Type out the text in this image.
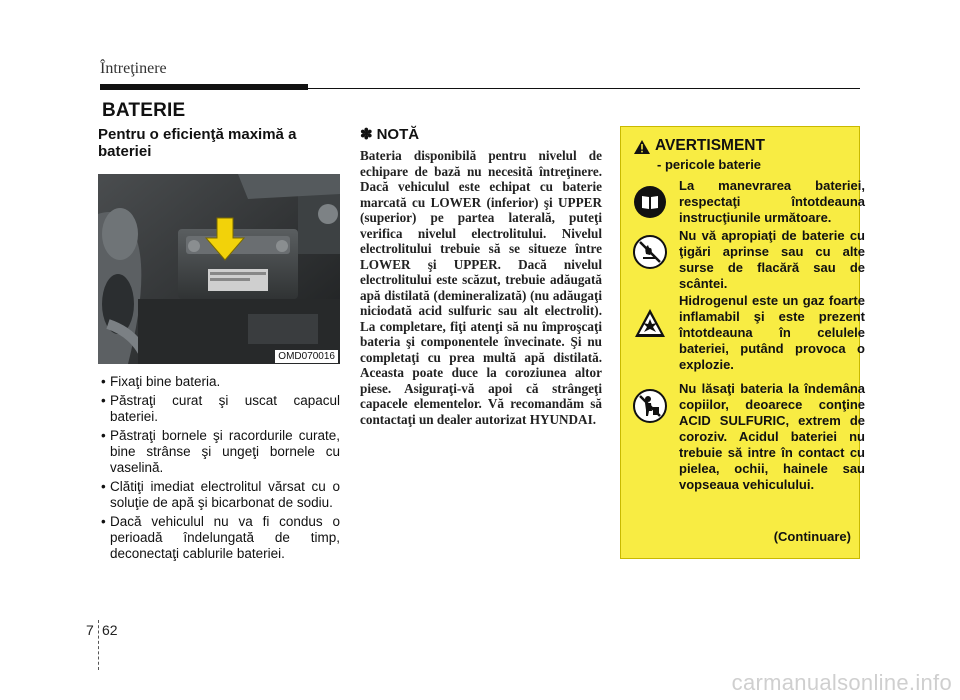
Întreţinere
BATERIE
Pentru o eficienţă maximă a bateriei
OMD070016
• Fixaţi bine bateria.
• Păstraţi curat şi uscat capacul bateriei.
• Păstraţi bornele şi racordurile curate, bine strânse şi ungeţi bornele cu vaselină.
• Clătiţi imediat electrolitul vărsat cu o soluţie de apă şi bicarbonat de sodiu.
• Dacă vehiculul nu va fi condus o perioadă îndelungată de timp, deconectaţi cablurile bateriei.
✽ NOTĂ
Bateria disponibilă pentru nivelul de echipare de bază nu necesită întreţinere. Dacă vehiculul este echipat cu baterie marcată cu LOWER (inferior) şi UPPER (superior) pe partea laterală, puteţi verifica nivelul electrolitului. Nivelul electrolitului trebuie să se situeze între LOWER şi UPPER. Dacă nivelul electrolitului este scăzut, trebuie adăugată apă distilată (demineralizată) (nu adăugaţi niciodată acid sulfuric sau alt electrolit). La completare, fiţi atenţi să nu împroşcaţi bateria şi componentele învecinate. Şi nu completaţi cu prea multă apă distilată. Aceasta poate duce la coroziunea altor piese. Asiguraţi-vă apoi că strângeţi capacele elementelor. Vă recomandăm să contactaţi un dealer autorizat HYUNDAI.
AVERTISMENT
- pericole baterie
La manevrarea bateriei, respectaţi întotdeauna instrucţiunile următoare.
Nu vă apropiaţi de baterie cu ţigări aprinse sau cu alte surse de flacără sau de scântei.
Hidrogenul este un gaz foarte inflamabil şi este prezent întotdeauna în celulele bateriei, putând provoca o explozie.
Nu lăsaţi bateria la îndemâna copiilor, deoarece conţine ACID SULFURIC, extrem de coroziv. Acidul bateriei nu trebuie să intre în contact cu pielea, ochii, hainele sau vopseaua vehiculului.
(Continuare)
7 62
carmanualsonline.info
